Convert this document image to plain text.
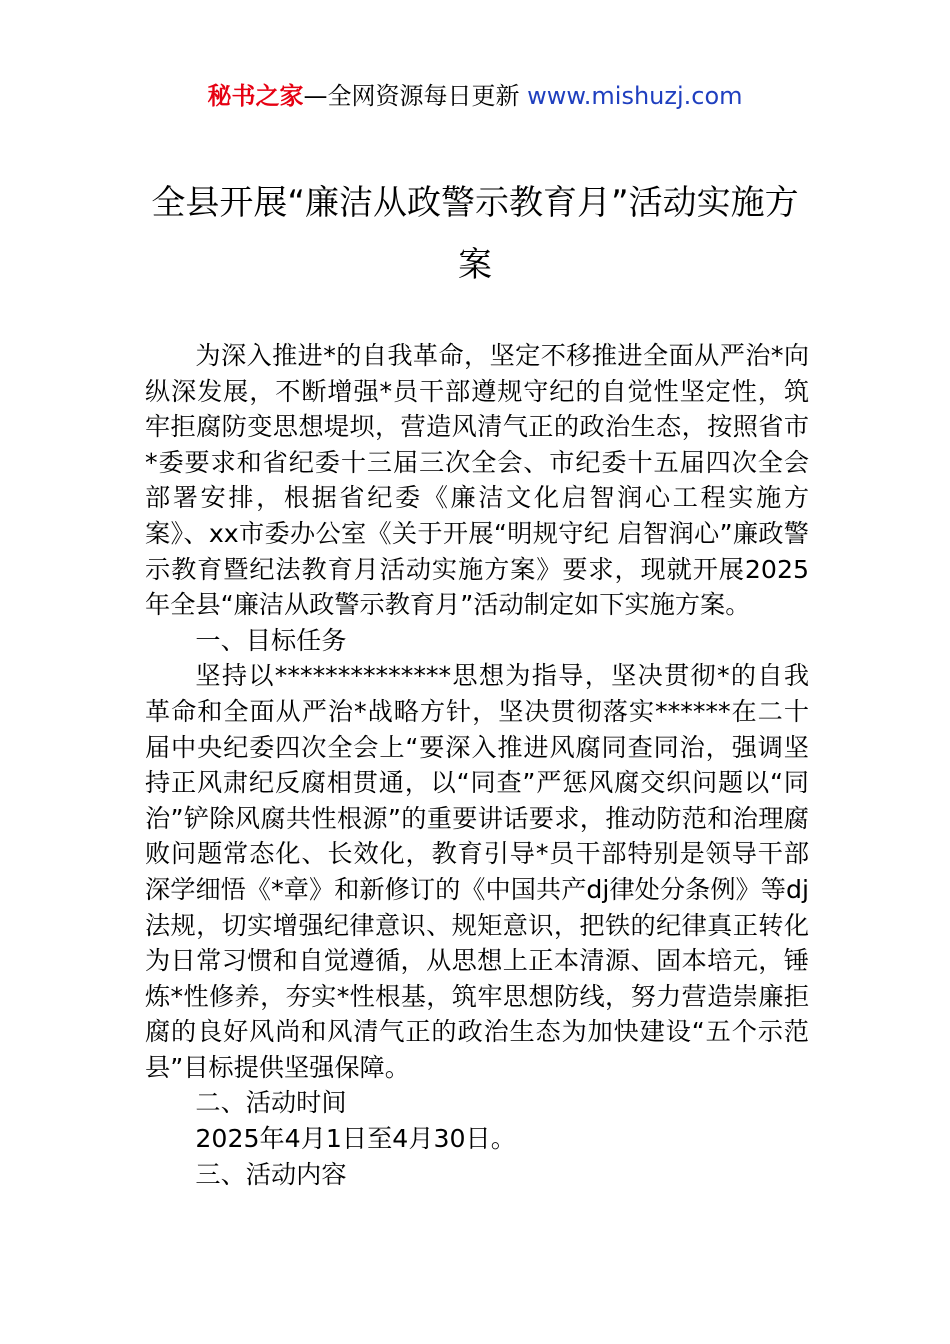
秘书之家—全网资源每日更新 www.mishuzj.com
全县开展“廉洁从政警示教育月”活动实施方案

为深入推进*的自我革命，坚定不移推进全面从严治*向纵深发展，不断增强*员干部遵规守纪的自觉性坚定性，筑牢拒腐防变思想堤坝，营造风清气正的政治生态，按照省市*委要求和省纪委十三届三次全会、市纪委十五届四次全会部署安排，根据省纪委《廉洁文化启智润心工程实施方案》、xx市委办公室《关于开展“明规守纪 启智润心”廉政警示教育暨纪法教育月活动实施方案》要求，现就开展2025年全县“廉洁从政警示教育月”活动制定如下实施方案。

一、目标任务

坚持以**************思想为指导，坚决贯彻*的自我革命和全面从严治*战略方针，坚决贯彻落实******在二十届中央纪委四次全会上“要深入推进风腐同查同治，强调坚持正风肃纪反腐相贯通，以“同查”严惩风腐交织问题以“同治”铲除风腐共性根源”的重要讲话要求，推动防范和治理腐败问题常态化、长效化，教育引导*员干部特别是领导干部深学细悟《*章》和新修订的《中国共产dj律处分条例》等dj法规，切实增强纪律意识、规矩意识，把铁的纪律真正转化为日常习惯和自觉遵循，从思想上正本清源、固本培元，锤炼*性修养，夯实*性根基，筑牢思想防线，努力营造崇廉拒腐的良好风尚和风清气正的政治生态为加快建设“五个示范县”目标提供坚强保障。

二、活动时间

2025年4月1日至4月30日。

三、活动内容
